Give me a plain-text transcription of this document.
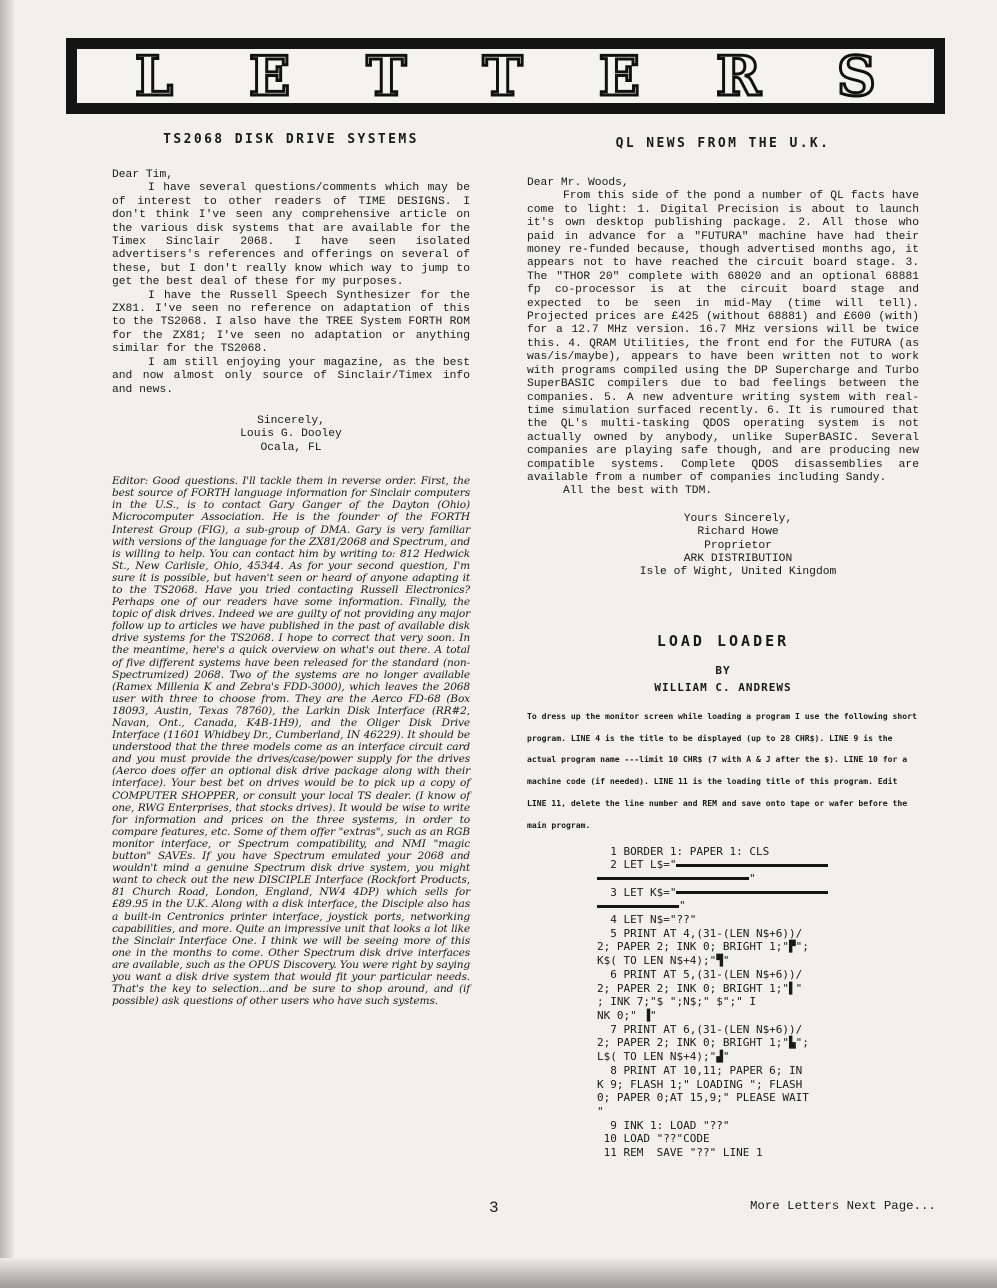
L E T T E R S
TS2068 DISK DRIVE SYSTEMS

Dear Tim,

I have several questions/comments which may be of interest to other readers of TIME DESIGNS. I don't think I've seen any comprehensive article on the various disk systems that are available for the Timex Sinclair 2068. I have seen isolated advertisers's references and offerings on several of these, but I don't really know which way to jump to get the best deal of these for my purposes.

I have the Russell Speech Synthesizer for the ZX81. I've seen no reference on adaptation of this to the TS2068. I also have the TREE System FORTH ROM for the ZX81; I've seen no adaptation or anything similar for the TS2068.

I am still enjoying your magazine, as the best and now almost only source of Sinclair/Timex info and news.

Sincerely,
Louis G. Dooley
Ocala, FL
Editor: Good questions. I'll tackle them in reverse order. First, the best source of FORTH language information for Sinclair computers in the U.S., is to contact Gary Ganger of the Dayton (Ohio) Microcomputer Association. He is the founder of the FORTH Interest Group (FIG), a sub-group of DMA. Gary is very familiar with versions of the language for the ZX81/2068 and Spectrum, and is willing to help. You can contact him by writing to: 812 Hedwick St., New Carlisle, Ohio, 45344. As for your second question, I'm sure it is possible, but haven't seen or heard of anyone adapting it to the TS2068. Have you tried contacting Russell Electronics? Perhaps one of our readers have some information. Finally, the topic of disk drives. Indeed we are guilty of not providing any major follow up to articles we have published in the past of available disk drive systems for the TS2068. I hope to correct that very soon. In the meantime, here's a quick overview on what's out there. A total of five different systems have been released for the standard (non-Spectrumized) 2068. Two of the systems are no longer available (Ramex Millenia K and Zebra's FDD-3000), which leaves the 2068 user with three to choose from. They are the Aerco FD-68 (Box 18093, Austin, Texas 78760), the Larkin Disk Interface (RR#2, Navan, Ont., Canada, K4B-1H9), and the Oliger Disk Drive Interface (11601 Whidbey Dr., Cumberland, IN 46229). It should be understood that the three models come as an interface circuit card and you must provide the drives/case/power supply for the drives (Aerco does offer an optional disk drive package along with their interface). Your best bet on drives would be to pick up a copy of COMPUTER SHOPPER, or consult your local TS dealer. (I know of one, RWG Enterprises, that stocks drives). It would be wise to write for information and prices on the three systems, in order to compare features, etc. Some of them offer "extras", such as an RGB monitor interface, or Spectrum compatibility, and NMI "magic button" SAVEs. If you have Spectrum emulated your 2068 and wouldn't mind a genuine Spectrum disk drive system, you might want to check out the new DISCIPLE Interface (Rockfort Products, 81 Church Road, London, England, NW4 4DP) which sells for £89.95 in the U.K. Along with a disk interface, the Disciple also has a built-in Centronics printer interface, joystick ports, networking capabilities, and more. Quite an impressive unit that looks a lot like the Sinclair Interface One. I think we will be seeing more of this one in the months to come. Other Spectrum disk drive interfaces are available, such as the OPUS Discovery. You were right by saying you want a disk drive system that would fit your particular needs. That's the key to selection...and be sure to shop around, and (if possible) ask questions of other users who have such systems.
QL NEWS FROM THE U.K.

Dear Mr. Woods,

From this side of the pond a number of QL facts have come to light: 1. Digital Precision is about to launch it's own desktop publishing package. 2. All those who paid in advance for a "FUTURA" machine have had their money re-funded because, though advertised months ago, it appears not to have reached the circuit board stage. 3. The "THOR 20" complete with 68020 and an optional 68881 fp co-processor is at the circuit board stage and expected to be seen in mid-May (time will tell). Projected prices are £425 (without 68881) and £600 (with) for a 12.7 MHz version. 16.7 MHz versions will be twice this. 4. QRAM Utilities, the front end for the FUTURA (as was/is/maybe), appears to have been written not to work with programs compiled using the DP Supercharge and Turbo SuperBASIC compilers due to bad feelings between the companies. 5. A new adventure writing system with real-time simulation surfaced recently. 6. It is rumoured that the QL's multi-tasking QDOS operating system is not actually owned by anybody, unlike SuperBASIC. Several companies are playing safe though, and are producing new compatible systems. Complete QDOS disassemblies are available from a number of companies including Sandy.

All the best with TDM.

Yours Sincerely,
Richard Howe
Proprietor
ARK DISTRIBUTION
Isle of Wight, United Kingdom
LOAD LOADER
BY
WILLIAM C. ANDREWS
To dress up the monitor screen while loading a program I use the following short program. LINE 4 is the title to be displayed (up to 28 CHR$). LINE 9 is the actual program name ---limit 10 CHR$ (7 with A & J after the $). LINE 10 for a machine code (if needed). LINE 11 is the loading title of this program. Edit LINE 11, delete the line number and REM and save onto tape or wafer before the main program.
1 BORDER 1: PAPER 1: CLS
2 LET L$="
"
3 LET K$="
"
4 LET N$="??"
5 PRINT AT 4,(31-(LEN N$+6))/
2; PAPER 2; INK 0; BRIGHT 1;"▛";
K$( TO LEN N$+4);"▜"
6 PRINT AT 5,(31-(LEN N$+6))/
2; PAPER 2; INK 0; BRIGHT 1;"▌"
; INK 7;"$ ";N$;" $";" I
NK 0;" ▐"
7 PRINT AT 6,(31-(LEN N$+6))/
2; PAPER 2; INK 0; BRIGHT 1;"▙";
L$( TO LEN N$+4);"▟"
8 PRINT AT 10,11; PAPER 6; IN
K 9; FLASH 1;" LOADING "; FLASH
0; PAPER 0;AT 15,9;" PLEASE WAIT
"
9 INK 1: LOAD "??"
10 LOAD "??"CODE
11 REM  SAVE "??" LINE 1
3	More Letters Next Page...
